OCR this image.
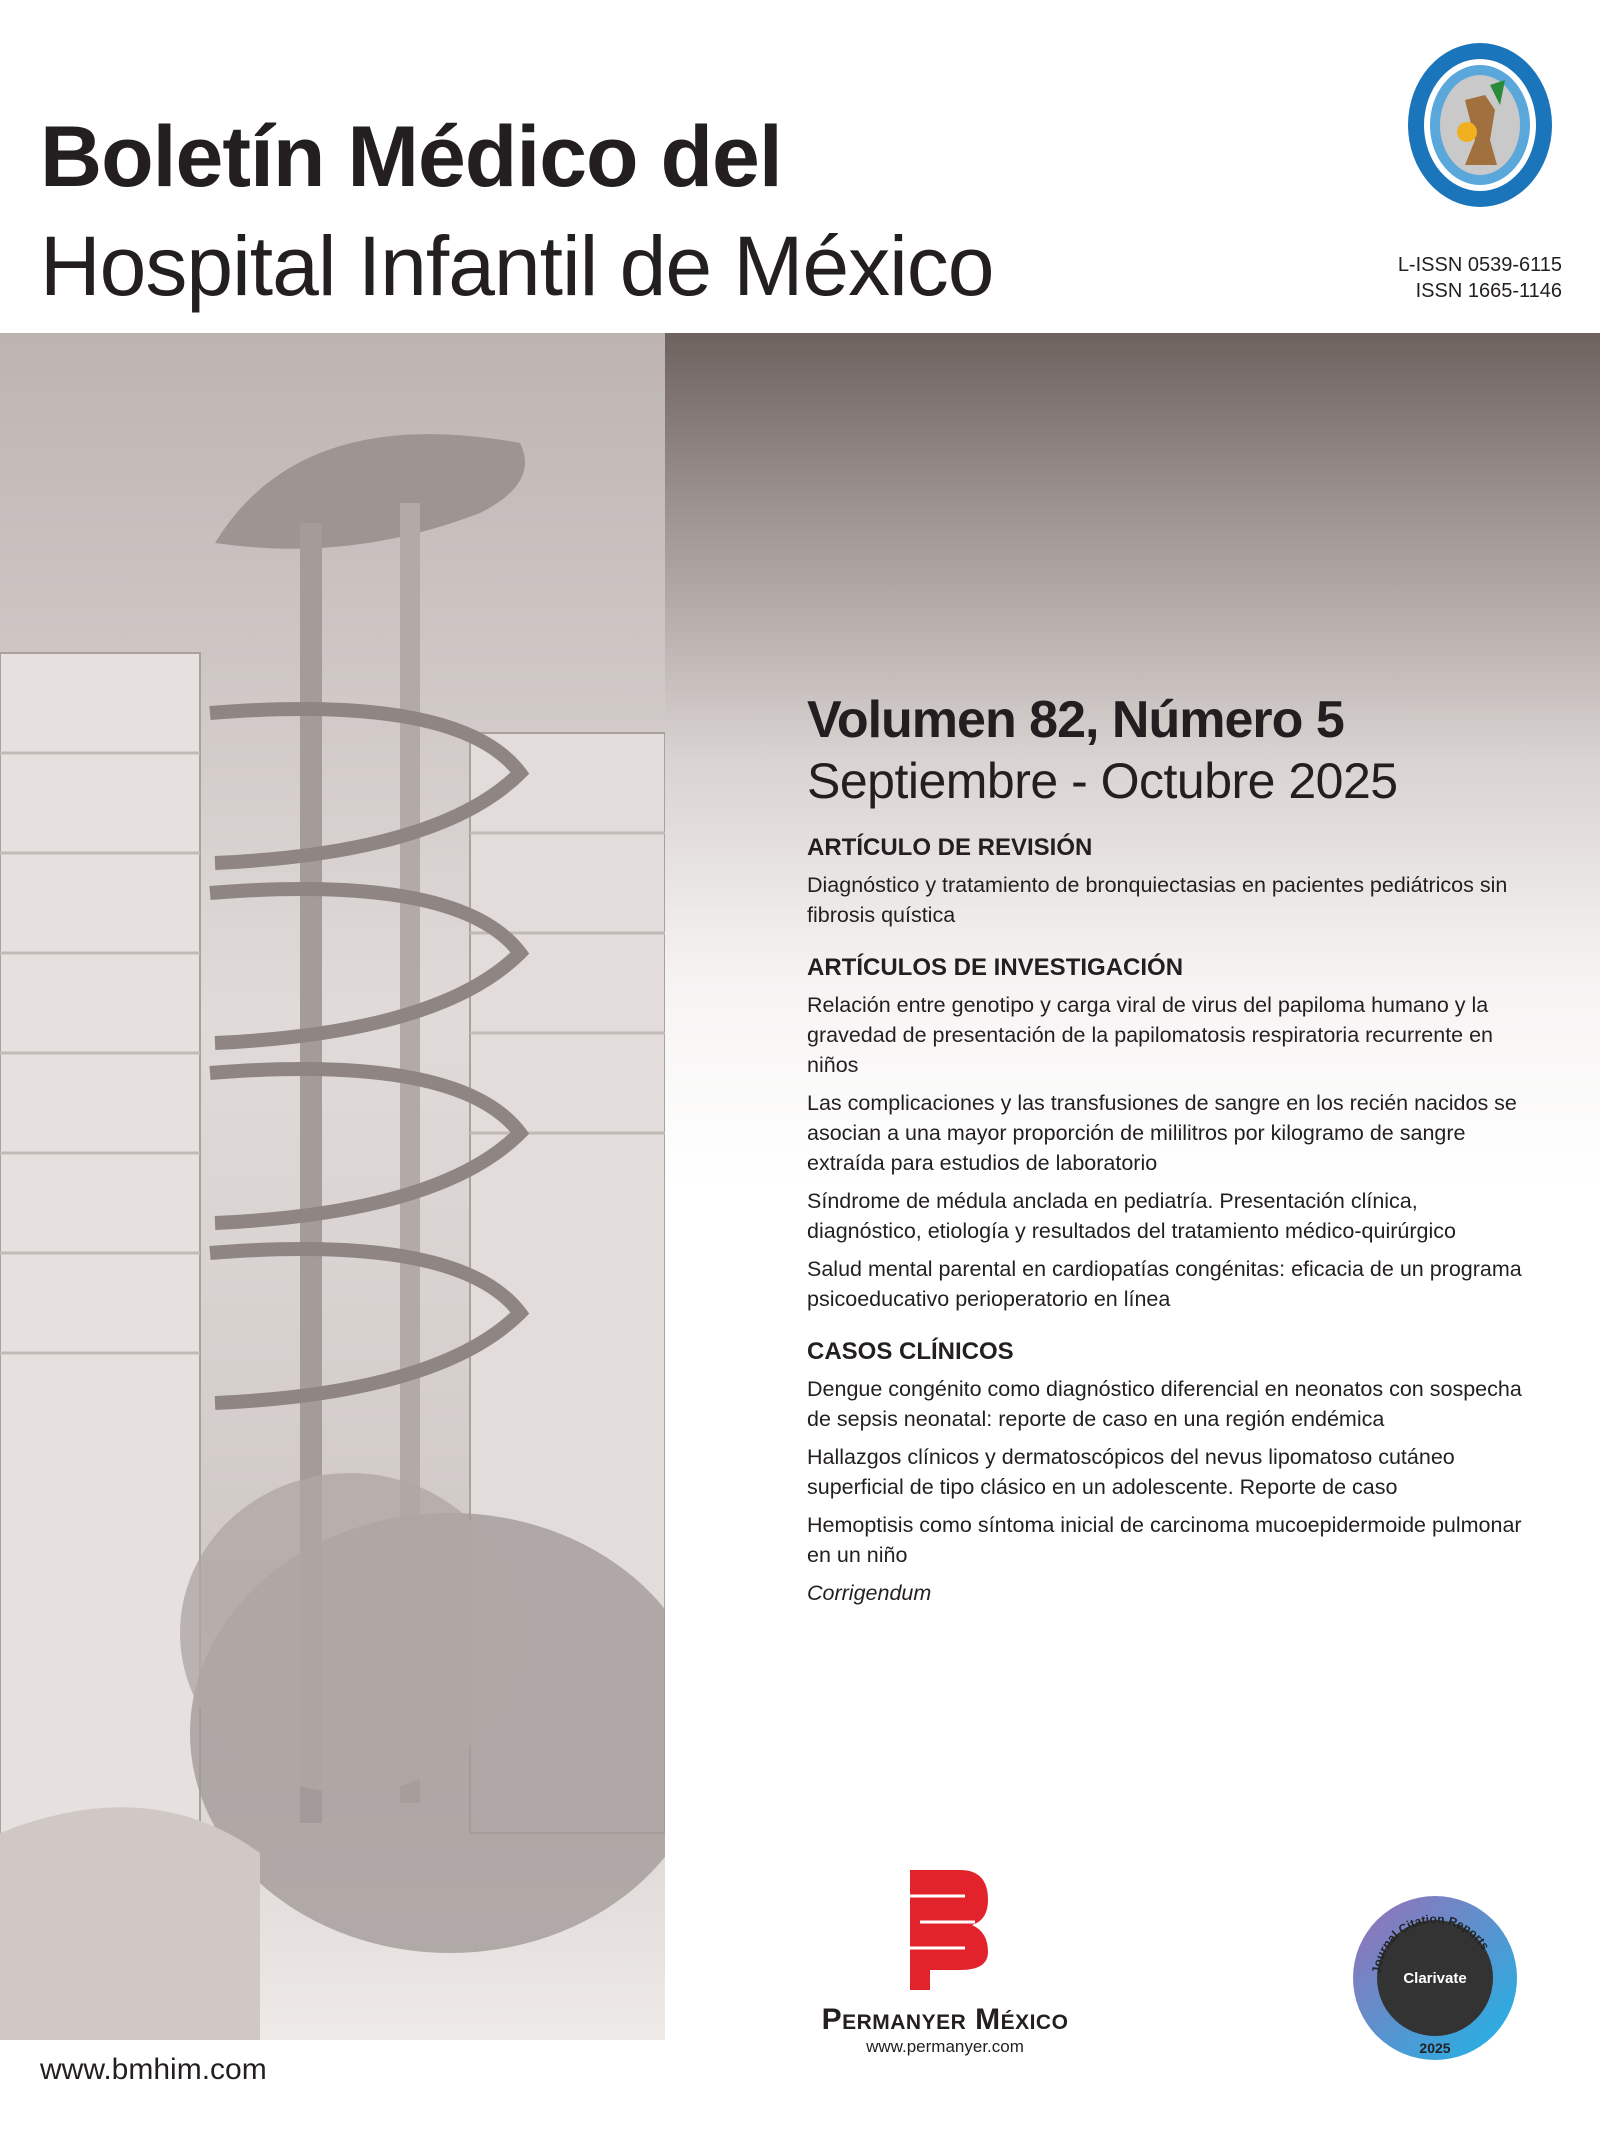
Boletín Médico del
Hospital Infantil de México	L-ISSN 0539-6115
ISSN 1665-1146
Volumen 82, Número 5
Septiembre - Octubre 2025
ARTÍCULO DE REVISIÓN
Diagnóstico y tratamiento de bronquiectasias en pacientes pediátricos sin fibrosis quística
ARTÍCULOS DE INVESTIGACIÓN
Relación entre genotipo y carga viral de virus del papiloma humano y la gravedad de presentación de la papilomatosis respiratoria recurrente en niños
Las complicaciones y las transfusiones de sangre en los recién nacidos se asocian a una mayor proporción de mililitros por kilogramo de sangre extraída para estudios de laboratorio
Síndrome de médula anclada en pediatría. Presentación clínica, diagnóstico, etiología y resultados del tratamiento médico-quirúrgico
Salud mental parental en cardiopatías congénitas: eficacia de un programa psicoeducativo perioperatorio en línea
CASOS CLÍNICOS
Dengue congénito como diagnóstico diferencial en neonatos con sospecha de sepsis neonatal: reporte de caso en una región endémica
Hallazgos clínicos y dermatoscópicos del nevus lipomatoso cutáneo superficial de tipo clásico en un adolescente. Reporte de caso
Hemoptisis como síntoma inicial de carcinoma mucoepidermoide pulmonar en un niño
Corrigendum
Permanyer México
www.permanyer.com
Journal Citation Reports
Clarivate
2025
www.bmhim.com
